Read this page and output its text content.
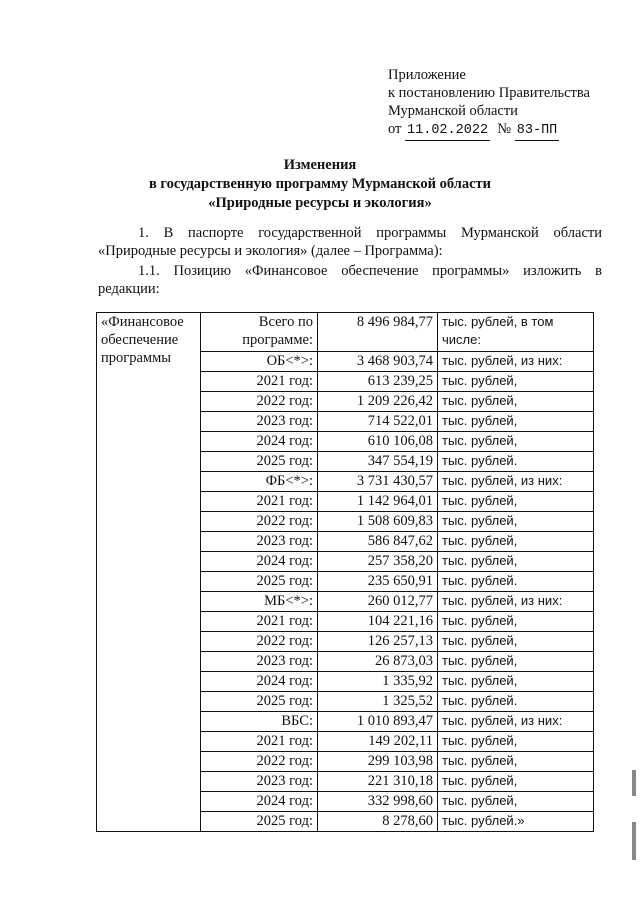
Приложение
к постановлению Правительства
Мурманской области
от 11.02.2022 № 83-ПП
Изменения
в государственную программу Мурманской области
«Природные ресурсы и экология»
1. В паспорте государственной программы Мурманской области «Природные ресурсы и экология» (далее – Программа):
1.1. Позицию «Финансовое обеспечение программы» изложить в редакции:
«Финансовое обеспечение программы	Всего по программе:	8 496 984,77	тыс. рублей, в том числе:
	ОБ<*>:	3 468 903,74	тыс. рублей, из них:
	2021 год:	613 239,25	тыс. рублей,
	2022 год:	1 209 226,42	тыс. рублей,
	2023 год:	714 522,01	тыс. рублей,
	2024 год:	610 106,08	тыс. рублей,
	2025 год:	347 554,19	тыс. рублей.
	ФБ<*>:	3 731 430,57	тыс. рублей, из них:
	2021 год:	1 142 964,01	тыс. рублей,
	2022 год:	1 508 609,83	тыс. рублей,
	2023 год:	586 847,62	тыс. рублей,
	2024 год:	257 358,20	тыс. рублей,
	2025 год:	235 650,91	тыс. рублей.
	МБ<*>:	260 012,77	тыс. рублей, из них:
	2021 год:	104 221,16	тыс. рублей,
	2022 год:	126 257,13	тыс. рублей,
	2023 год:	26 873,03	тыс. рублей,
	2024 год:	1 335,92	тыс. рублей,
	2025 год:	1 325,52	тыс. рублей.
	ВБС:	1 010 893,47	тыс. рублей, из них:
	2021 год:	149 202,11	тыс. рублей,
	2022 год:	299 103,98	тыс. рублей,
	2023 год:	221 310,18	тыс. рублей,
	2024 год:	332 998,60	тыс. рублей,
	2025 год:	8 278,60	тыс. рублей.»
